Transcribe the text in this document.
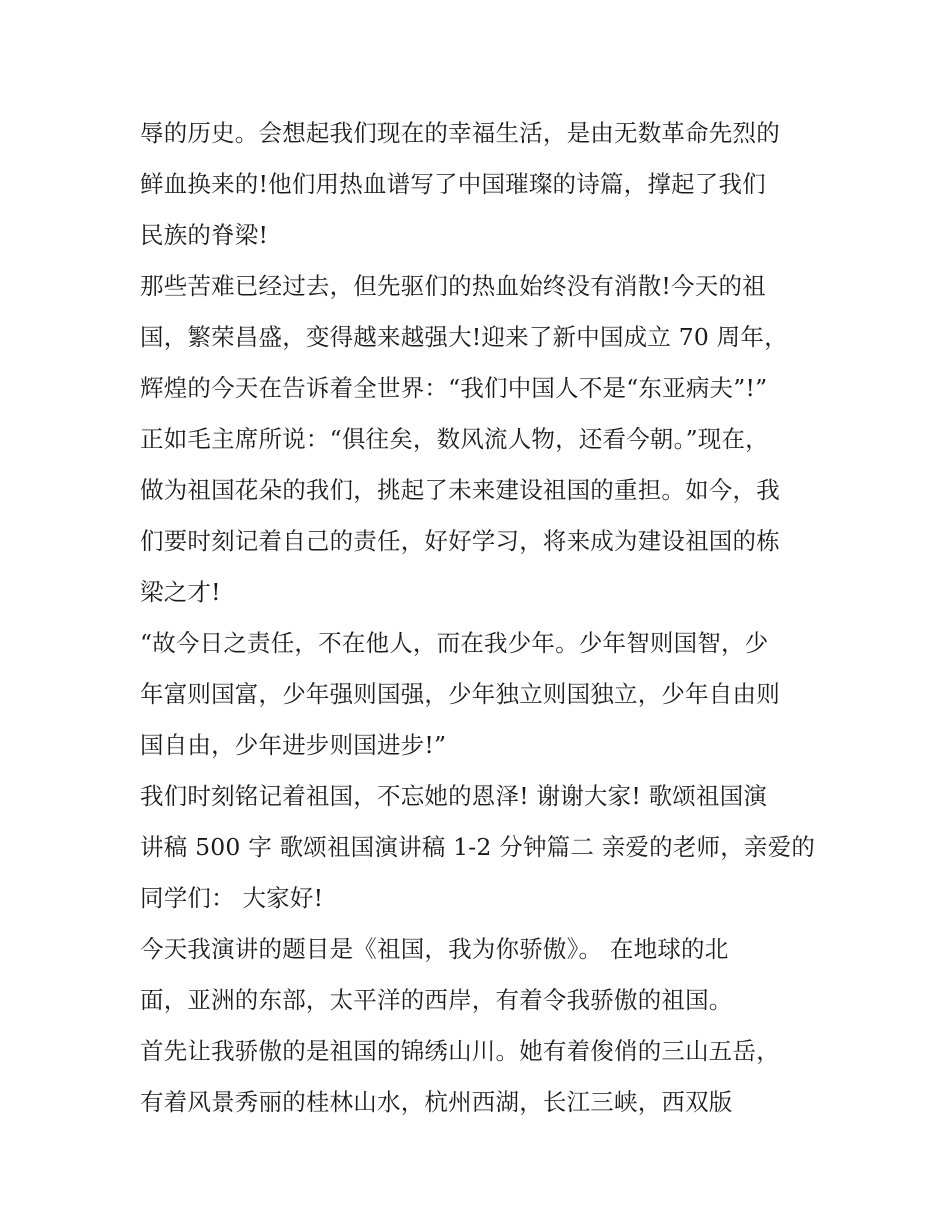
辱的历史。会想起我们现在的幸福生活，是由无数革命先烈的
鲜血换来的!他们用热血谱写了中国璀璨的诗篇，撑起了我们
民族的脊梁!
那些苦难已经过去，但先驱们的热血始终没有消散!今天的祖
国，繁荣昌盛，变得越来越强大!迎来了新中国成立 70 周年，
辉煌的今天在告诉着全世界：“我们中国人不是“东亚病夫”!”
正如毛主席所说：“俱往矣，数风流人物，还看今朝。”现在，
做为祖国花朵的我们，挑起了未来建设祖国的重担。如今，我
们要时刻记着自己的责任，好好学习，将来成为建设祖国的栋
梁之才!
“故今日之责任，不在他人，而在我少年。少年智则国智，少
年富则国富，少年强则国强，少年独立则国独立，少年自由则
国自由，少年进步则国进步!”
我们时刻铭记着祖国，不忘她的恩泽! 谢谢大家! 歌颂祖国演
讲稿 500 字 歌颂祖国演讲稿 1-2 分钟篇二 亲爱的老师，亲爱的
同学们： 大家好!
今天我演讲的题目是《祖国，我为你骄傲》。 在地球的北
面，亚洲的东部，太平洋的西岸，有着令我骄傲的祖国。
首先让我骄傲的是祖国的锦绣山川。她有着俊俏的三山五岳，
有着风景秀丽的桂林山水，杭州西湖，长江三峡，西双版
